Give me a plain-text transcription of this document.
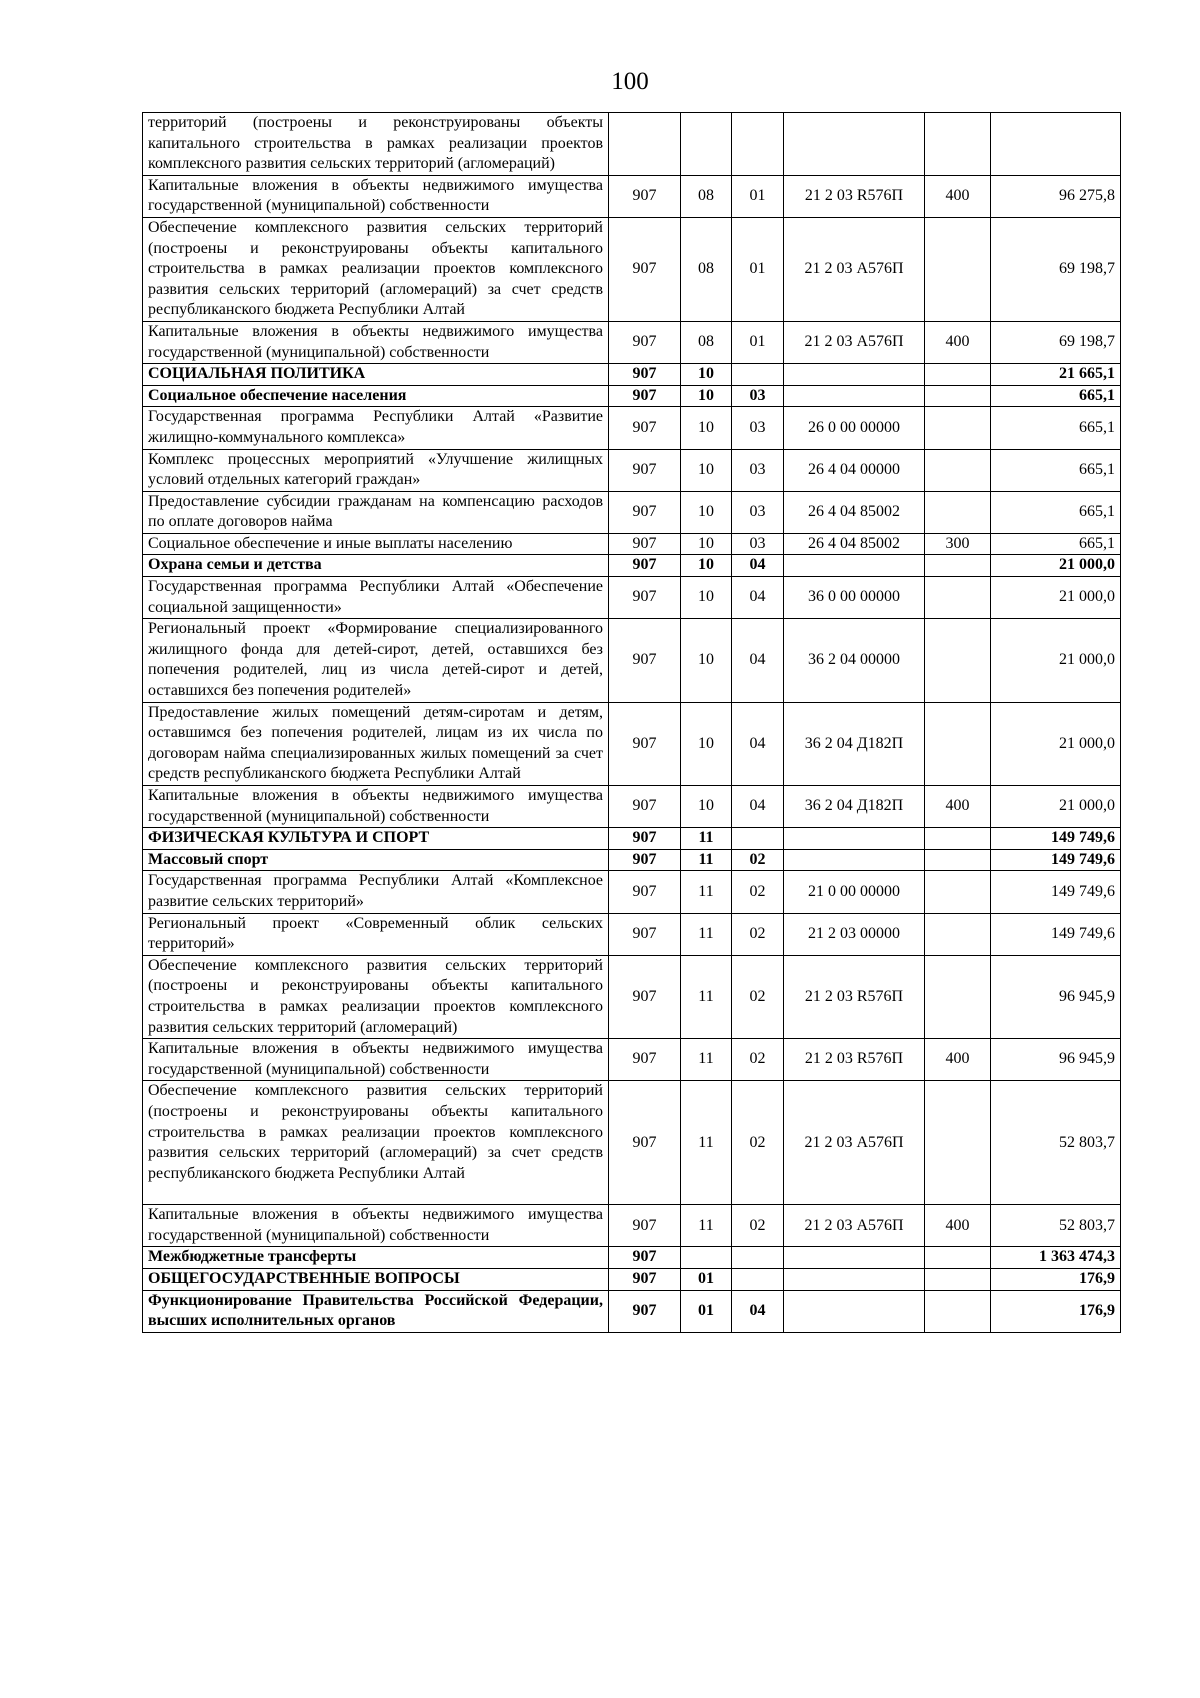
100
территорий (построены и реконструированы объекты капитального строительства в рамках реализации проектов комплексного развития сельских территорий (агломераций)						
Капитальные вложения в объекты недвижимого имущества государственной (муниципальной) собственности	907	08	01	21 2 03 R576П	400	96 275,8
Обеспечение комплексного развития сельских территорий (построены и реконструированы объекты капитального строительства в рамках реализации проектов комплексного развития сельских территорий (агломераций) за счет средств республиканского бюджета Республики Алтай	907	08	01	21 2 03 А576П		69 198,7
Капитальные вложения в объекты недвижимого имущества государственной (муниципальной) собственности	907	08	01	21 2 03 А576П	400	69 198,7
СОЦИАЛЬНАЯ ПОЛИТИКА	907	10				21 665,1
Социальное обеспечение населения	907	10	03			665,1
Государственная программа Республики Алтай «Развитие жилищно-коммунального комплекса»	907	10	03	26 0 00 00000		665,1
Комплекс процессных мероприятий «Улучшение жилищных условий отдельных категорий граждан»	907	10	03	26 4 04 00000		665,1
Предоставление субсидии гражданам на компенсацию расходов по оплате договоров найма	907	10	03	26 4 04 85002		665,1
Социальное обеспечение и иные выплаты населению	907	10	03	26 4 04 85002	300	665,1
Охрана семьи и детства	907	10	04			21 000,0
Государственная программа Республики Алтай «Обеспечение социальной защищенности»	907	10	04	36 0 00 00000		21 000,0
Региональный проект «Формирование специализированного жилищного фонда для детей-сирот, детей, оставшихся без попечения родителей, лиц из числа детей-сирот и детей, оставшихся без попечения родителей»	907	10	04	36 2 04 00000		21 000,0
Предоставление жилых помещений детям-сиротам и детям, оставшимся без попечения родителей, лицам из их числа по договорам найма специализированных жилых помещений за счет средств республиканского бюджета Республики Алтай	907	10	04	36 2 04 Д182П		21 000,0
Капитальные вложения в объекты недвижимого имущества государственной (муниципальной) собственности	907	10	04	36 2 04 Д182П	400	21 000,0
ФИЗИЧЕСКАЯ КУЛЬТУРА И СПОРТ	907	11				149 749,6
Массовый спорт	907	11	02			149 749,6
Государственная программа Республики Алтай «Комплексное развитие сельских территорий»	907	11	02	21 0 00 00000		149 749,6
Региональный проект «Современный облик сельских территорий»	907	11	02	21 2 03 00000		149 749,6
Обеспечение комплексного развития сельских территорий (построены и реконструированы объекты капитального строительства в рамках реализации проектов комплексного развития сельских территорий (агломераций)	907	11	02	21 2 03 R576П		96 945,9
Капитальные вложения в объекты недвижимого имущества государственной (муниципальной) собственности	907	11	02	21 2 03 R576П	400	96 945,9
Обеспечение комплексного развития сельских территорий (построены и реконструированы объекты капитального строительства в рамках реализации проектов комплексного развития сельских территорий (агломераций) за счет средств республиканского бюджета Республики Алтай	907	11	02	21 2 03 А576П		52 803,7
Капитальные вложения в объекты недвижимого имущества государственной (муниципальной) собственности	907	11	02	21 2 03 А576П	400	52 803,7
Межбюджетные трансферты	907					1 363 474,3
ОБЩЕГОСУДАРСТВЕННЫЕ ВОПРОСЫ	907	01				176,9
Функционирование Правительства Российской Федерации, высших исполнительных органов	907	01	04			176,9
